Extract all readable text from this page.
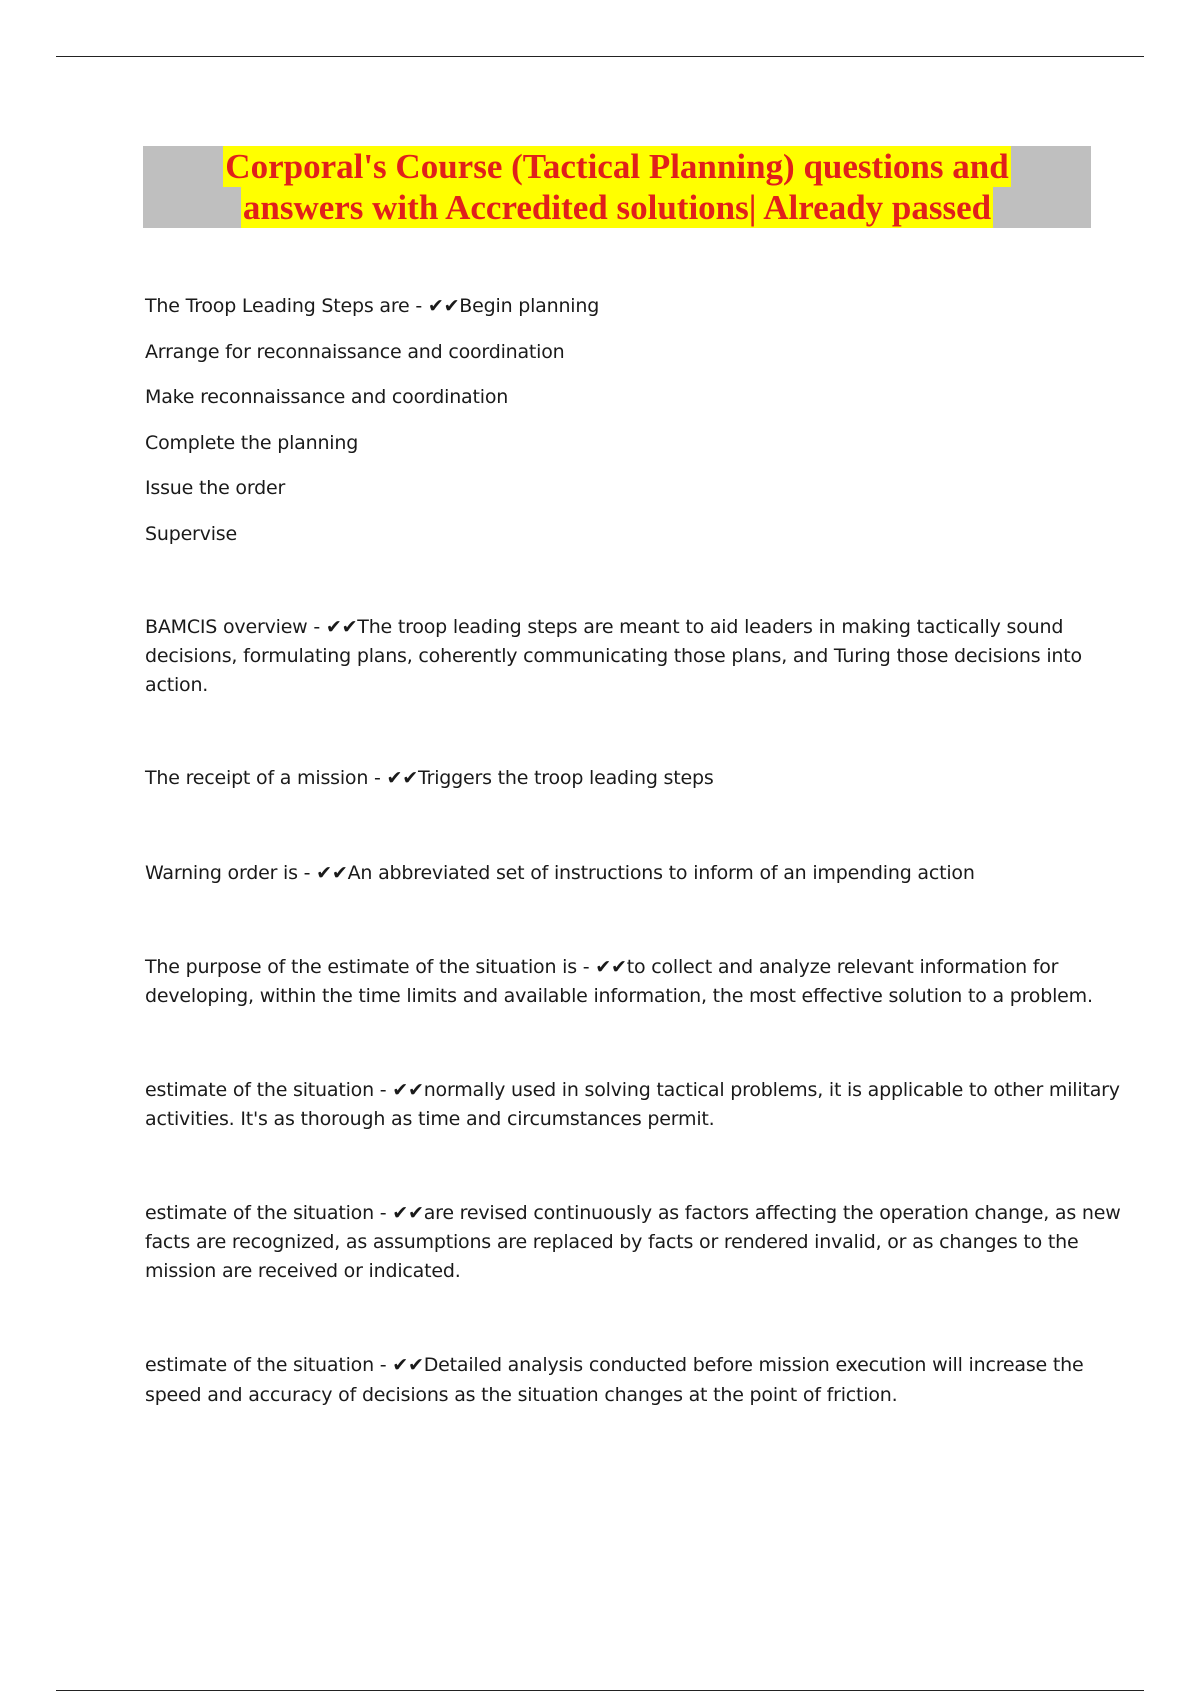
Corporal's Course (Tactical Planning) questions and
answers with Accredited solutions| Already passed
The Troop Leading Steps are - ✔✔Begin planning
Arrange for reconnaissance and coordination
Make reconnaissance and coordination
Complete the planning
Issue the order
Supervise
BAMCIS overview - ✔✔The troop leading steps are meant to aid leaders in making tactically sound
decisions, formulating plans, coherently communicating those plans, and Turing those decisions into
action.
The receipt of a mission - ✔✔Triggers the troop leading steps
Warning order is - ✔✔An abbreviated set of instructions to inform of an impending action
The purpose of the estimate of the situation is - ✔✔to collect and analyze relevant information for
developing, within the time limits and available information, the most effective solution to a problem.
estimate of the situation - ✔✔normally used in solving tactical problems, it is applicable to other military
activities. It's as thorough as time and circumstances permit.
estimate of the situation - ✔✔are revised continuously as factors affecting the operation change, as new
facts are recognized, as assumptions are replaced by facts or rendered invalid, or as changes to the
mission are received or indicated.
estimate of the situation - ✔✔Detailed analysis conducted before mission execution will increase the
speed and accuracy of decisions as the situation changes at the point of friction.
